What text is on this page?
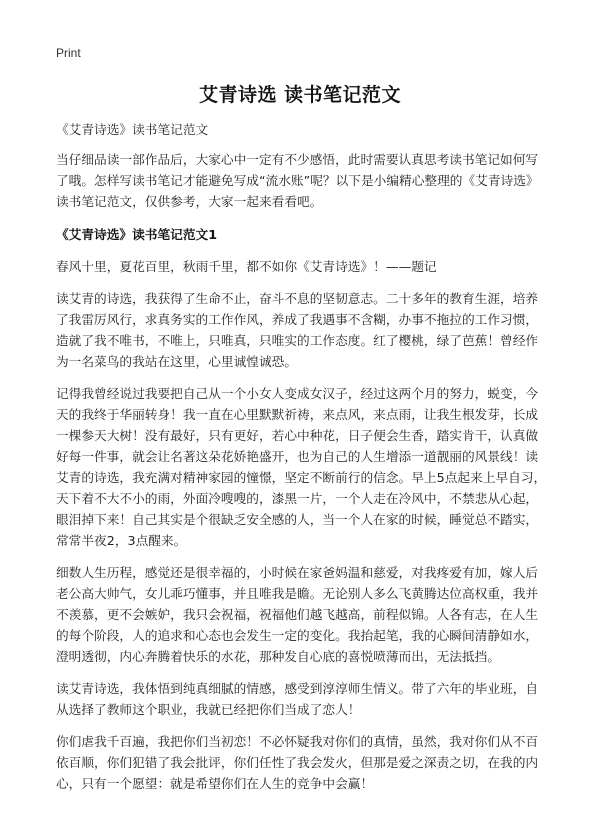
Print
艾青诗选 读书笔记范文

《艾青诗选》读书笔记范文

当仔细品读一部作品后，大家心中一定有不少感悟，此时需要认真思考读书笔记如何写了哦。怎样写读书笔记才能避免写成“流水账”呢？以下是小编精心整理的《艾青诗选》读书笔记范文，仅供参考，大家一起来看看吧。

《艾青诗选》读书笔记范文1

春风十里，夏花百里，秋雨千里，都不如你《艾青诗选》！——题记

读艾青的诗选，我获得了生命不止，奋斗不息的坚韧意志。二十多年的教育生涯，培养了我雷厉风行，求真务实的工作作风，养成了我遇事不含糊，办事不拖拉的工作习惯，造就了我不唯书，不唯上，只唯真，只唯实的工作态度。红了樱桃，绿了芭蕉！曾经作为一名菜鸟的我站在这里，心里诚惶诚恐。

记得我曾经说过我要把自己从一个小女人变成女汉子，经过这两个月的努力，蜕变，今天的我终于华丽转身！我一直在心里默默祈祷，来点风，来点雨，让我生根发芽，长成一棵参天大树！没有最好，只有更好，若心中种花，日子便会生香，踏实肯干，认真做好每一件事，就会让名著这朵花娇艳盛开，也为自己的人生增添一道靓丽的风景线！读艾青的诗选，我充满对精神家园的憧憬，坚定不断前行的信念。早上5点起来上早自习，天下着不大不小的雨，外面冷嗖嗖的，漆黑一片，一个人走在冷风中，不禁悲从心起，眼泪掉下来！自己其实是个很缺乏安全感的人，当一个人在家的时候，睡觉总不踏实，常常半夜2，3点醒来。

细数人生历程，感觉还是很幸福的，小时候在家爸妈温和慈爱，对我疼爱有加，嫁人后老公高大帅气，女儿乖巧懂事，并且唯我是瞻。无论别人多么飞黄腾达位高权重，我并不羡慕，更不会嫉妒，我只会祝福，祝福他们越飞越高，前程似锦。人各有志，在人生的每个阶段，人的追求和心态也会发生一定的变化。我抬起笔，我的心瞬间清静如水，澄明透彻，内心奔腾着快乐的水花，那种发自心底的喜悦喷薄而出，无法抵挡。

读艾青诗选，我体悟到纯真细腻的情感，感受到淳淳师生情义。带了六年的毕业班，自从选择了教师这个职业，我就已经把你们当成了恋人！

你们虐我千百遍，我把你们当初恋！不必怀疑我对你们的真情，虽然，我对你们从不百依百顺，你们犯错了我会批评，你们任性了我会发火，但那是爱之深责之切，在我的内心，只有一个愿望：就是希望你们在人生的竞争中会赢！
